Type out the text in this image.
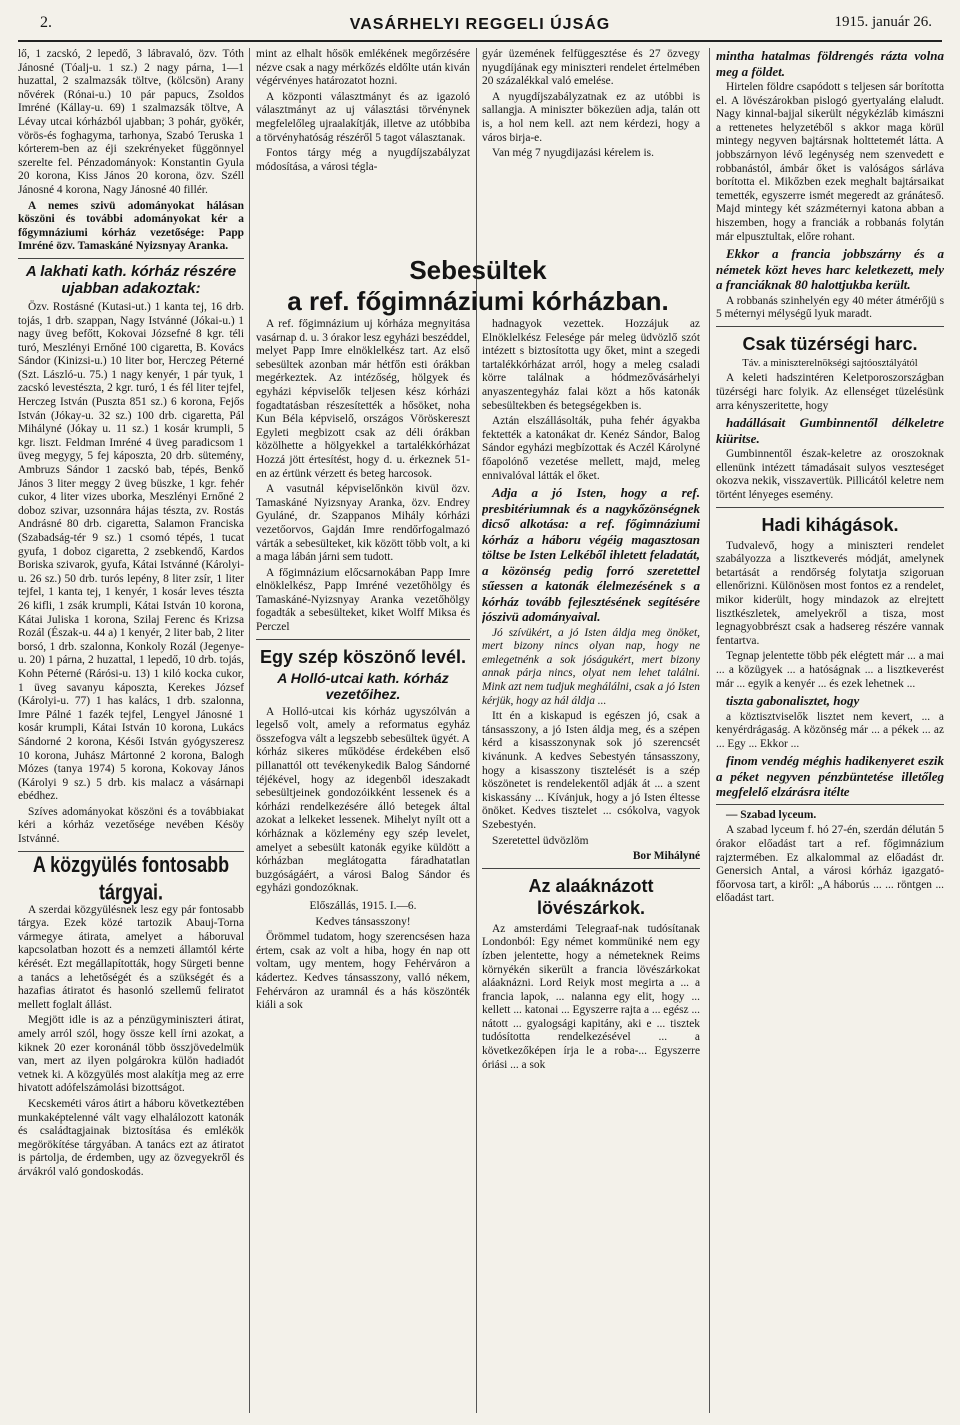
2.	VASÁRHELYI REGGELI ÚJSÁG	1915. január 26.

lő, 1 zacskó, 2 lepedő, 3 lábravaló, özv. Tóth Jánosné (Tóalj-u. 1 sz.) 2 nagy párna, 1—1 huzattal, 2 szalmazsák töltve, (kölcsön) Arany nővérek (Rónai-u.) 10 pár papucs, Zsoldos Imréné (Kállay-u. 69) 1 szalmazsák töltve, A Lévay utcai kórházból ujabban; 3 pohár, gyökér, vörös-és foghagyma, tarhonya, Szabó Teruska 1 kórterem-ben az éji szekrényeket függönnyel szerelte fel. Pénzadományok: Konstantin Gyula 20 korona, Kiss János 20 korona, özv. Széll Jánosné 4 korona, Nagy Jánosné 40 fillér.

A nemes szivü adományokat hálásan köszöni és további adományokat kér a főgymnáziumi kórház vezetősége: Papp Imréné özv. Tamaskáné Nyizsnyay Aranka.

A lakhati kath. kórház részére ujabban adakoztak:

Özv. Rostásné (Kutasi-ut.) 1 kanta tej, 16 drb. tojás, 1 drb. szappan, Nagy Istvánné (Jókai-u.) 1 nagy üveg befőtt, Kokovai Józsefné 8 kgr. téli turó, Meszlényi Ernőné 100 cigaretta, B. Kovács Sándor (Kinizsi-u.) 10 liter bor, Herczeg Péterné (Szt. László-u. 75.) 1 nagy kenyér, 1 pár tyuk, 1 zacskó levestészta, 2 kgr. turó, 1 és fél liter tejfel, Herczeg István (Puszta 851 sz.) 6 korona, Fejős István (Jókay-u. 32 sz.) 100 drb. cigaretta, Pál Mihályné (Jókay u. 11 sz.) 1 kosár krumpli, 5 kgr. liszt. Feldman Imréné 4 üveg paradicsom 1 üveg megygy, 5 fej káposzta, 20 drb. sütemény, Ambruzs Sándor 1 zacskó bab, tépés, Benkő János 3 liter meggy 2 üveg büszke, 1 kgr. fehér cukor, 4 liter vizes uborka, Meszlényi Ernőné 2 doboz szivar, uzsonnára hájas tészta, zv. Rostás Andrásné 80 drb. cigaretta, Salamon Franciska (Szabadság-tér 9 sz.) 1 csomó tépés, 1 tucat gyufa, 1 doboz cigaretta, 2 zsebkendő, Kardos Boriska szivarok, gyufa, Kátai Istvánné (Károlyi-u. 26 sz.) 50 drb. turós lepény, 8 liter zsír, 1 liter tejfel, 1 kanta tej, 1 kenyér, 1 kosár leves tészta 26 kifli, 1 zsák krumpli, Kátai István 10 korona, Kátai Juliska 1 korona, Szilaj Ferenc és Krizsa Rozál (Észak-u. 44 a) 1 kenyér, 2 liter bab, 2 liter borsó, 1 drb. szalonna, Konkoly Rozál (Jegenye-u. 20) 1 párna, 2 huzattal, 1 lepedő, 10 drb. tojás, Kohn Péterné (Rárósi-u. 13) 1 kiló kocka cukor, 1 üveg savanyu káposzta, Kerekes József (Károlyi-u. 77) 1 has kalács, 1 drb. szalonna, Imre Pálné 1 fazék tejfel, Lengyel Jánosné 1 kosár krumpli, Kátai István 10 korona, Lukács Sándorné 2 korona, Késői István gyógyszeresz 10 korona, Juhász Mártonné 2 korona, Balogh Mózes (tanya 1974) 5 korona, Kokovay János (Károlyi 9 sz.) 5 drb. kis malacz a vásárnapi ebédhez.

Szíves adományokat köszöni és a továbbiakat kéri a kórház vezetősége nevében Késöy Istvánné.

A közgyülés fontosabb tárgyai.

A szerdai közgyülésnek lesz egy pár fontosabb tárgya. Ezek közé tartozik Abauj-Torna vármegye átirata, amelyet a háboruval kapcsolatban hozott és a nemzeti államtól kérte kérését. Ezt megállapították, hogy Sürgeti benne a tanács a lehetőségét és a szükségét és a hazafias átiratot és hasonló szellemű feliratot mellett foglalt állást.

Megjött idle is az a pénzügyminiszteri átirat, amely arról szól, hogy össze kell írni azokat, a kiknek 20 ezer koronánál több összjövedelmük van, mert az ilyen polgárokra külön hadiadót vetnek ki. A közgyülés most alakítja meg az erre hivatott adófelszámolási bizottságot.

Kecskeméti város átirt a háboru következtében munkaképtelenné vált vagy elhalálozott katonák és családtagjainak biztosítása és emlékök megörökítése tárgyában. A tanács ezt az átiratot is pártolja, de érdemben, ugy az özvegyekről és árvákról való gondoskodás.

Sebesültek
a ref. főgimnáziumi kórházban.

mint az elhalt hősök emlékének megőrzésére nézve csak a nagy mérkőzés eldőlte után kiván végérvényes határozatot hozni.

A központi választmányt és az igazoló választmányt az uj választási törvénynek megfelelőleg ujraalakítják, illetve az utóbbiba a törvényhatóság részéről 5 tagot választanak.

Fontos tárgy még a nyugdíjszabályzat módosítása, a városi tégla-

A ref. főgimnázium uj kórháza megnyitása vasárnap d. u. 3 órakor lesz egyházi beszéddel, melyet Papp Imre elnöklelkész tart. Az első sebesültek azonban már hétfőn esti órákban megérkeztek. Az intézőség, hölgyek és egyházi képviselők teljesen kész kórházi fogadtatásban részesítették a hősöket, noha Kun Béla képviselő, országos Vöröskereszt Egyleti megbizott csak az déli órákban közölhette a hölgyekkel a tartalékkórházat Hozzá jött értesítést, hogy d. u. érkeznek 51-en az értünk vérzett és beteg harcosok.

A vasutnál képviselőnkön kivül özv. Tamaskáné Nyizsnyay Aranka, özv. Endrey Gyuláné, dr. Szappanos Mihály kórházi vezetőorvos, Gajdán Imre rendőrfogalmazó várták a sebesülteket, kik között több volt, a ki a maga lábán járni sem tudott.

A főgimnázium előcsarnokában Papp Imre elnöklelkész, Papp Imréné vezetőhölgy és Tamaskáné-Nyizsnyay Aranka vezetőhölgy fogadták a sebesülteket, kiket Wolff Miksa és Perczel

Egy szép köszönő levél.
A Holló-utcai kath. kórház vezetőihez.

A Holló-utcai kis kórház ugyszólván a legelső volt, amely a reformatus egyház összefogva vált a legszebb sebesültek ügyét. A kórház sikeres működése érdekében első pillanattól ott tevékenykedik Balog Sándorné téjékével, hogy az idegenből ideszakadt sebesültjeinek gondozóikként lessenek és a kórházi rendelkezésére álló betegek által azokat a lelkeket lessenek. Mihelyt nyílt ott a kórháznak a közlemény egy szép levelet, amelyet a sebesült katonák egyike küldött a kórházban meglátogatta fáradhatatlan buzgóságáért, a városi Balog Sándor és egyházi gondozóknak.

Előszállás, 1915. I.—6.

Kedves tánsasszony!

Örömmel tudatom, hogy szerencsésen haza értem, csak az volt a hiba, hogy én nap ott voltam, ugy mentem, hogy Fehérváron a kádertez. Kedves tánsasszony, valló nékem, Fehérváron az uramnál és a hás köszönték kiáli a sok

gyár üzemének felfüggesztése és 27 özvegy nyugdíjának egy miniszteri rendelet értelmében 20 százalékkal való emelése.

A nyugdíjszabályzatnak ez az utóbbi is sallangja. A miniszter bökezüen adja, talán ott is, a hol nem kell. azt nem kérdezi, hogy a város birja-e.

Van még 7 nyugdijazási kérelem is.

hadnagyok vezettek. Hozzájuk az Elnöklelkész Felesége pár meleg üdvözlő szót intézett s biztosította ugy őket, mint a szegedi tartalékkórházat arról, hogy a meleg csaladi körre találnak a hódmezővásárhelyi anyaszentegyház falai közt a hős katonák sebesültekben és betegségekben is.

Aztán elszállásolták, puha fehér ágyakba fektették a katonákat dr. Kenéz Sándor, Balog Sándor egyházi megbízottak és Aczél Károlyné főapolónő vezetése mellett, majd, meleg ennivalóval látták el őket.

Adja a jó Isten, hogy a ref. presbitériumnak és a nagykőzönségnek dicső alkotása: a ref. főgimnáziumi kórház a háboru végéig magasztosan töltse be Isten Lelkéből ihletett feladatát, a közönség pedig forró szeretettel sűessen a katonák élelmezésének s a kórház tovább fejlesztésének segítésére jószivü adományaival.

Jó szívükért, a jó Isten áldja meg önöket, mert bizony nincs olyan nap, hogy ne emlegetnénk a sok jóságukért, mert bizony annak párja nincs, olyat nem lehet találni. Mink azt nem tudjuk meghálálni, csak a jó Isten kérjük, hogy az hál áldja ...

Itt én a kiskapud is egészen jó, csak a tánsasszony, a jó Isten áldja meg, és a szépen kérd a kisasszonynak sok jó szerencsét kivánunk. A kedves Sebestyén tánsasszony, hogy a kisasszony tisztelését is a szép köszönetet is rendelekentől adják át ... a szent kiskassány ... Kívánjuk, hogy a jó Isten éltesse önöket. Kedves tisztelet ... csókolva, vagyok Szebestyén.

Szeretettel üdvözlöm

Bor Mihályné

Az alaáknázott lövészárkok.

Az amsterdámi Telegraaf-nak tudósítanak Londonból: Egy német kommüniké nem egy ízben jelentette, hogy a németeknek Reims környékén sikerült a francia lövészárkokat aláaknázni. Lord Reiyk most megirta a ... a francia lapok, ... nalanna egy elit, hogy ... kellett ... katonai ... Egyszerre rajta a ... egész ... nátott ... gyalogsági kapitány, aki e ... tisztek tudósította rendelkezésével ... a következőképen írja le a roba-... Egyszerre óriási ... a sok

mintha hatalmas földrengés rázta volna meg a földet.

Hirtelen földre csapódott s teljesen sár borította el. A lövészárokban pislogó gyertyaláng elaludt. Nagy kinnal-bajjal sikerült négykézláb kimászni a rettenetes helyzetéből s akkor maga körül mintegy negyven bajtársnak holttetemét látta. A jobbszárnyon lévő legénység nem szenvedett e robbanástól, ámbár őket is valóságos sárláva borította el. Mikőzben ezek meghalt bajtársaikat temették, egyszerre ismét megeredt az gránáteső. Majd mintegy két százméternyi katona abban a hiszemben, hogy a franciák a robbanás folytán már elpusztultak, előre rohant.

Ekkor a francia jobbszárny és a németek közt heves harc keletkezett, mely a franciáknak 80 halottjukba került.

A robbanás szinhelyén egy 40 méter átmérőjü s 5 méternyi mélységű lyuk maradt.

Csak tüzérségi harc.

Táv. a miniszterelnökségi sajtóosztályától

A keleti hadszintéren Keletporoszországban tüzérségi harc folyik. Az ellenséget tüzelésünk arra kényszeritette, hogy

hadállásait Gumbinnentől délkeletre kiüritse.

Gumbinnentől észak-keletre az oroszoknak ellenünk intézett támadásait sulyos veszteséget okozva nekik, visszavertük. Pillicától keletre nem történt lényeges esemény.

Hadi kihágások.

Tudvalevő, hogy a miniszteri rendelet szabályozza a lisztkeverés módját, amelynek betartását a rendőrség folytatja szigoruan ellenőrizni. Különösen most fontos ez a rendelet, mikor kiderült, hogy mindazok az elrejtett lisztkészletek, amelyekről a tisza, most legnagyobbrészt csak a hadsereg részére vannak fentartva.

Tegnap jelentette több pék elégtett már ... a mai ... a közügyek ... a hatóságnak ... a lisztkeverést már ... egyik a kenyér ... és ezek lehetnek ...

tiszta gabonalisztet, hogy

a köztisztviselők lisztet nem kevert, ... a kenyérdrágaság. A közönség már ... a pékek ... az ... Egy ... Ekkor ...

finom vendég méghis hadikenyeret eszik a péket negyven pénzbüntetése illetőleg megfelelő elzárásra itélte

— Szabad lyceum.

A szabad lyceum f. hó 27-én, szerdán délután 5 órakor előadást tart a ref. főgimnázium rajztermében. Ez alkalommal az előadást dr. Genersich Antal, a városi kórház igazgató-főorvosa tart, a kiről: „A háborús ... ... röntgen ... előadást tart.
